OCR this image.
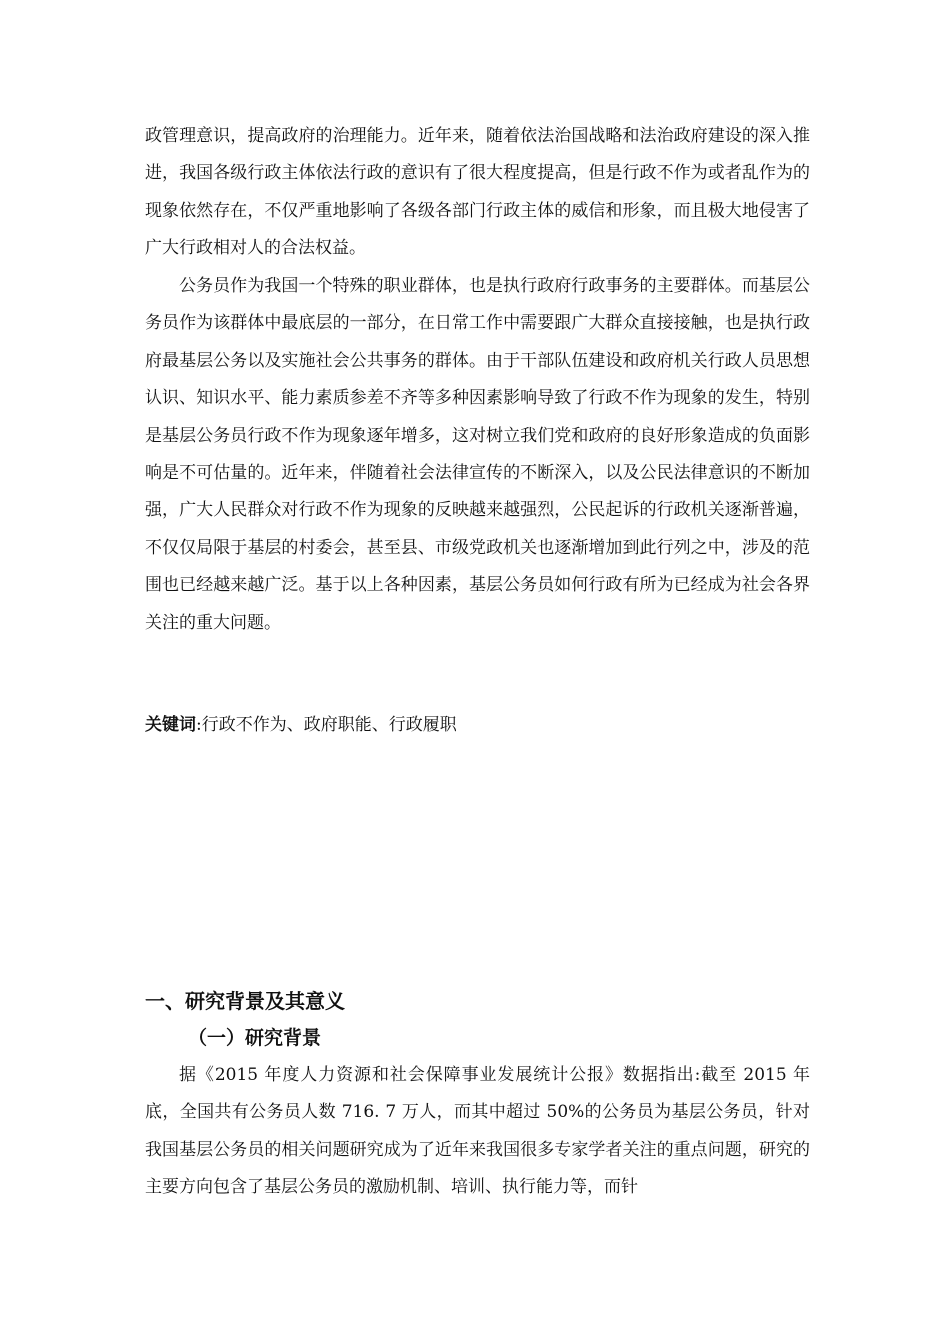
政管理意识，提高政府的治理能力。近年来，随着依法治国战略和法治政府建设的深入推进，我国各级行政主体依法行政的意识有了很大程度提高，但是行政不作为或者乱作为的现象依然存在，不仅严重地影响了各级各部门行政主体的威信和形象，而且极大地侵害了广大行政相对人的合法权益。

公务员作为我国一个特殊的职业群体，也是执行政府行政事务的主要群体。而基层公务员作为该群体中最底层的一部分，在日常工作中需要跟广大群众直接接触，也是执行政府最基层公务以及实施社会公共事务的群体。由于干部队伍建设和政府机关行政人员思想认识、知识水平、能力素质参差不齐等多种因素影响导致了行政不作为现象的发生，特别是基层公务员行政不作为现象逐年增多，这对树立我们党和政府的良好形象造成的负面影响是不可估量的。近年来，伴随着社会法律宣传的不断深入，以及公民法律意识的不断加强，广大人民群众对行政不作为现象的反映越来越强烈，公民起诉的行政机关逐渐普遍，不仅仅局限于基层的村委会，甚至县、市级党政机关也逐渐增加到此行列之中，涉及的范围也已经越来越广泛。基于以上各种因素，基层公务员如何行政有所为已经成为社会各界关注的重大问题。

关键词:行政不作为、政府职能、行政履职

一、研究背景及其意义
（一）研究背景

据《2015 年度人力资源和社会保障事业发展统计公报》数据指出:截至 2015 年底，全国共有公务员人数 716. 7 万人，而其中超过 50%的公务员为基层公务员，针对我国基层公务员的相关问题研究成为了近年来我国很多专家学者关注的重点问题，研究的主要方向包含了基层公务员的激励机制、培训、执行能力等，而针
